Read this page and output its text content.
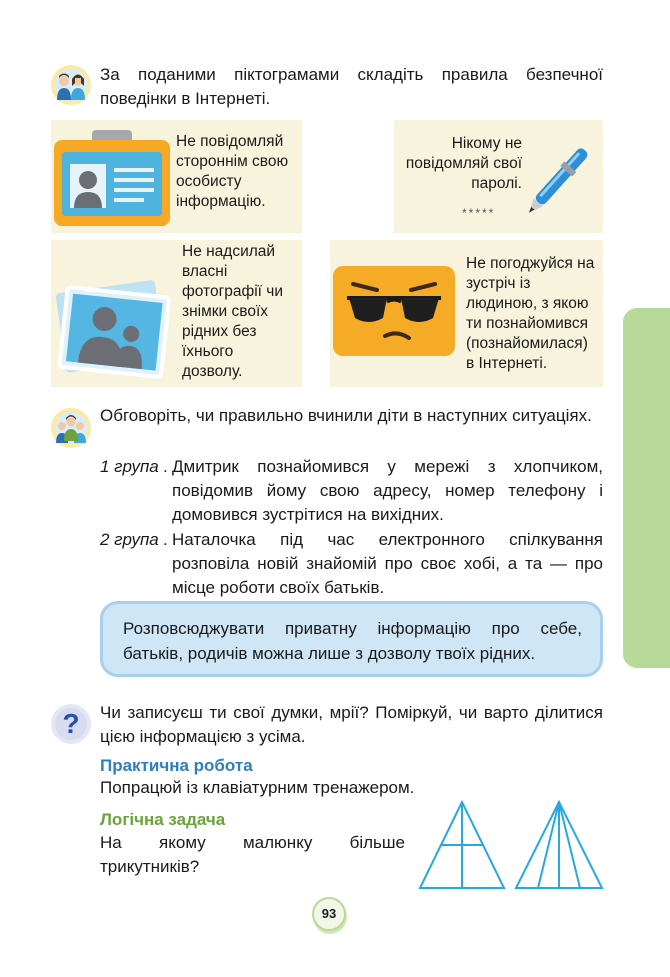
За поданими піктограмами складіть правила безпечної поведінки в Інтернеті.
Не повідомляй стороннім свою особисту інформацію.
Нікому не повідомляй свої паролі.
*****
Не надсилай власні фотографії чи знімки своїх рідних без їхнього дозволу.
Не погоджуйся на зустріч із людиною, з якою ти познайомився (познайомилася) в Інтернеті.
Обговоріть, чи правильно вчинили діти в наступних ситуаціях.
1 група . Дмитрик познайомився у мережі з хлопчиком, повідомив йому свою адресу, номер телефону і домовився зустрітися на вихідних.
2 група . Наталочка під час електронного спілкування розповіла новій знайомій про своє хобі, а та — про місце роботи своїх батьків.
Розповсюджувати приватну інформацію про себе, батьків, родичів можна лише з дозволу твоїх рідних.
?	Чи записуєш ти свої думки, мрії? Поміркуй, чи варто ділитися цією інформацією з усіма.
Практична робота
Попрацюй із клавіатурним тренажером.
Логічна задача
На якому малюнку більше трикутників?
93
